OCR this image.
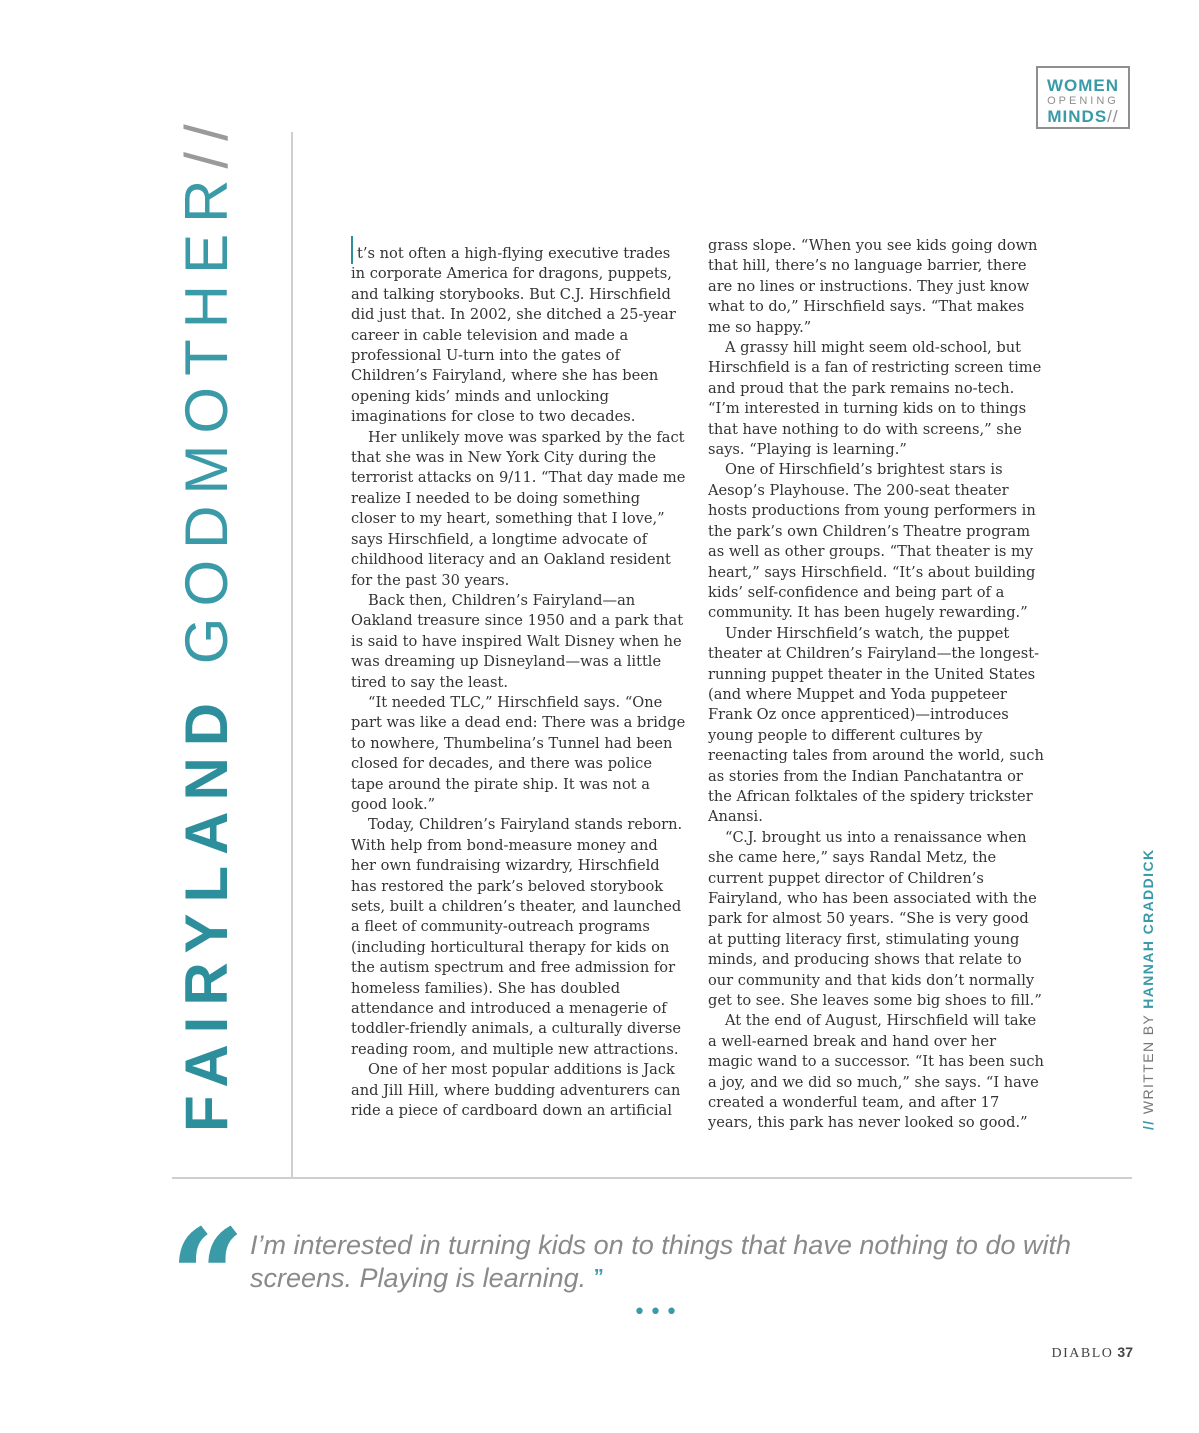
WOMEN
OPENING
MINDS//
FAIRYLAND GODMOTHER//

t’s not often a high-flying executive trades in corporate America for dragons, puppets, and talking storybooks. But C.J. Hirschfield did just that. In 2002, she ditched a 25-year career in cable television and made a professional U-turn into the gates of Children’s Fairyland, where she has been opening kids’ minds and unlocking imaginations for close to two decades.

Her unlikely move was sparked by the fact that she was in New York City during the terrorist attacks on 9/11. “That day made me realize I needed to be doing something closer to my heart, something that I love,” says Hirschfield, a longtime advocate of childhood literacy and an Oakland resident for the past 30 years.

Back then, Children’s Fairyland—an Oakland treasure since 1950 and a park that is said to have inspired Walt Disney when he was dreaming up Disneyland—was a little tired to say the least.

“It needed TLC,” Hirschfield says. “One part was like a dead end: There was a bridge to nowhere, Thumbelina’s Tunnel had been closed for decades, and there was police tape around the pirate ship. It was not a good look.”

Today, Children’s Fairyland stands reborn. With help from bond-measure money and her own fundraising wizardry, Hirschfield has restored the park’s beloved storybook sets, built a children’s theater, and launched a fleet of community-outreach programs (including horticultural therapy for kids on the autism spectrum and free admission for homeless families). She has doubled attendance and introduced a menagerie of toddler-friendly animals, a culturally diverse reading room, and multiple new attractions.

One of her most popular additions is Jack and Jill Hill, where budding adventurers can ride a piece of cardboard down an artificial

grass slope. “When you see kids going down that hill, there’s no language barrier, there are no lines or instructions. They just know what to do,” Hirschfield says. “That makes me so happy.”

A grassy hill might seem old-school, but Hirschfield is a fan of restricting screen time and proud that the park remains no-tech. “I’m interested in turning kids on to things that have nothing to do with screens,” she says. “Playing is learning.”

One of Hirschfield’s brightest stars is Aesop’s Playhouse. The 200-seat theater hosts productions from young performers in the park’s own Children’s Theatre program as well as other groups. “That theater is my heart,” says Hirschfield. “It’s about building kids’ self-confidence and being part of a community. It has been hugely rewarding.”

Under Hirschfield’s watch, the puppet theater at Children’s Fairyland—the longest-running puppet theater in the United States (and where Muppet and Yoda puppeteer Frank Oz once apprenticed)—introduces young people to different cultures by reenacting tales from around the world, such as stories from the Indian Panchatantra or the African folktales of the spidery trickster Anansi.

“C.J. brought us into a renaissance when she came here,” says Randal Metz, the current puppet director of Children’s Fairyland, who has been associated with the park for almost 50 years. “She is very good at putting literacy first, stimulating young minds, and producing shows that relate to our community and that kids don’t normally get to see. She leaves some big shoes to fill.”

At the end of August, Hirschfield will take a well-earned break and hand over her magic wand to a successor. “It has been such a joy, and we did so much,” she says. “I have created a wonderful team, and after 17 years, this park has never looked so good.”	// WRITTEN BY HANNAH CRADDICK
“ I’m interested in turning kids on to things that have nothing to do with screens. Playing is learning. ”
•••
DIABLO 37
